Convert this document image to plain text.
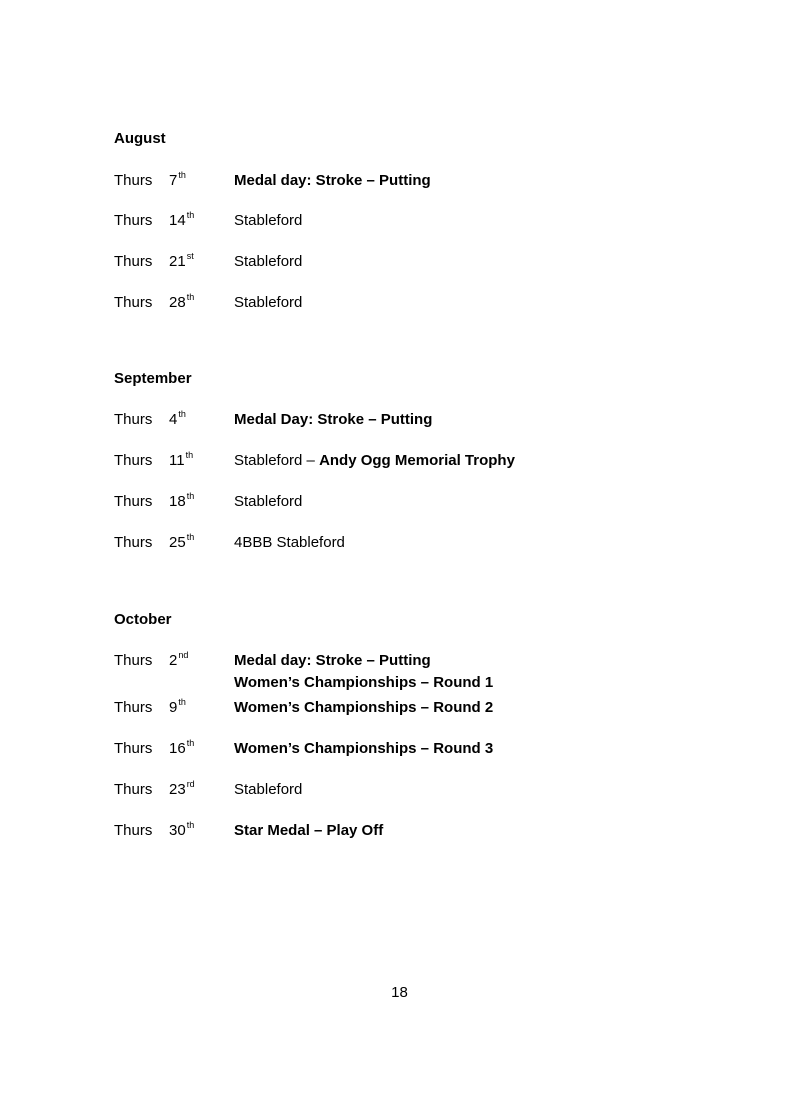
August
Thurs 7th	Medal day: Stroke – Putting
Thurs 14th	Stableford
Thurs 21st	Stableford
Thurs 28th	Stableford
September
Thurs 4th	Medal Day: Stroke – Putting
Thurs 11th	Stableford – Andy Ogg Memorial Trophy
Thurs 18th	Stableford
Thurs 25th	4BBB Stableford
October
Thurs 2nd	Medal day: Stroke – Putting
Women’s Championships – Round 1
Thurs 9th	Women’s Championships – Round 2
Thurs 16th	Women’s Championships – Round 3
Thurs 23rd	Stableford
Thurs 30th	Star Medal – Play Off
18
